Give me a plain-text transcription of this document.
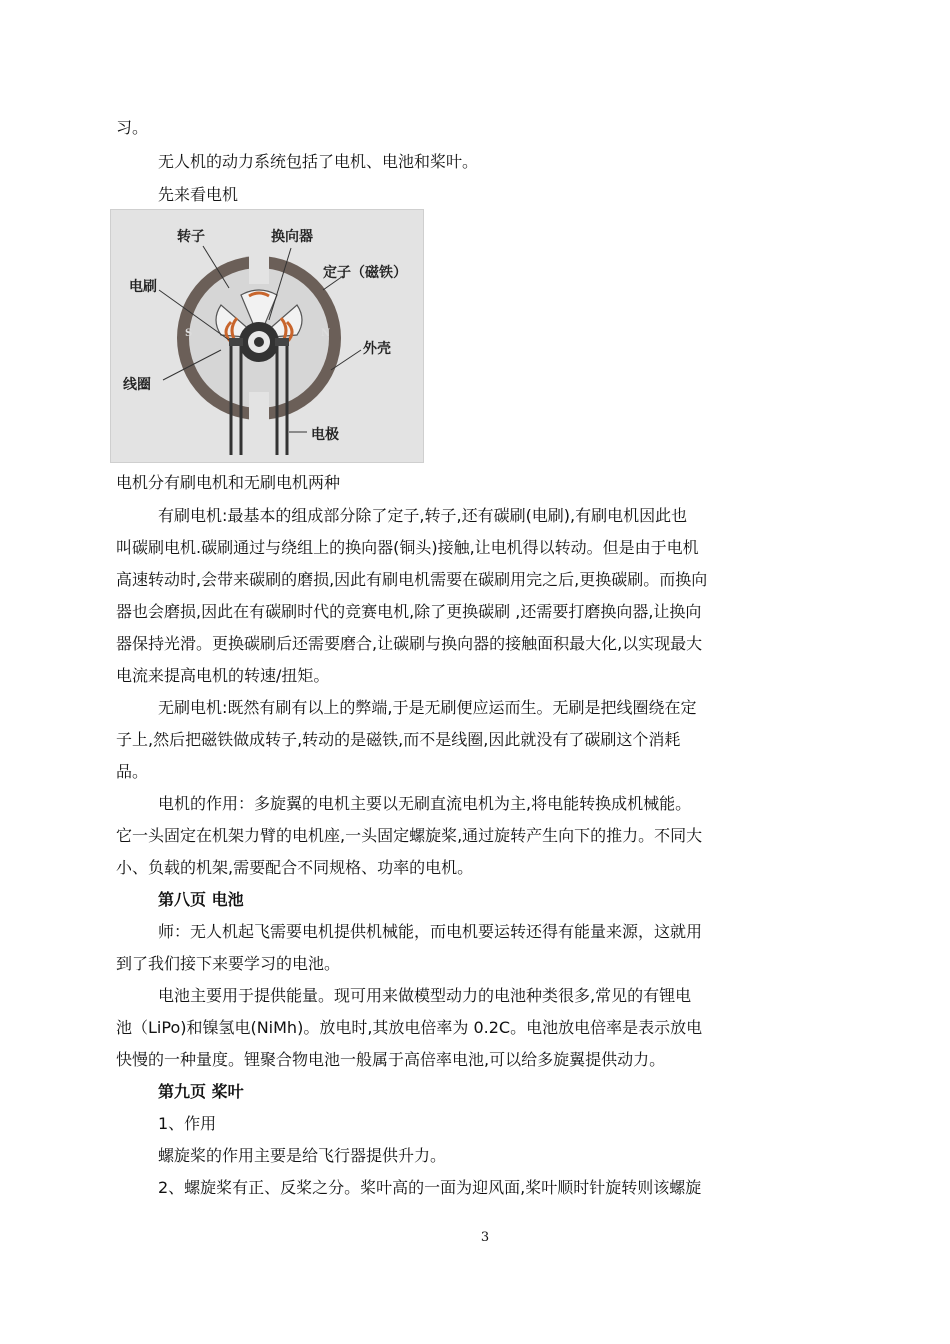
习。
无人机的动力系统包括了电机、电池和桨叶。
先来看电机
转子	换向器
定子（磁铁）
电刷
外壳
线圈
电极
S	N
电机分有刷电机和无刷电机两种
有刷电机:最基本的组成部分除了定子,转子,还有碳刷(电刷),有刷电机因此也
叫碳刷电机.碳刷通过与绕组上的换向器(铜头)接触,让电机得以转动。但是由于电机
高速转动时,会带来碳刷的磨损,因此有刷电机需要在碳刷用完之后,更换碳刷。而换向
器也会磨损,因此在有碳刷时代的竞赛电机,除了更换碳刷 ,还需要打磨换向器,让换向
器保持光滑。更换碳刷后还需要磨合,让碳刷与换向器的接触面积最大化,以实现最大
电流来提高电机的转速/扭矩。
无刷电机:既然有刷有以上的弊端,于是无刷便应运而生。无刷是把线圈绕在定
子上,然后把磁铁做成转子,转动的是磁铁,而不是线圈,因此就没有了碳刷这个消耗
品。
电机的作用：多旋翼的电机主要以无刷直流电机为主,将电能转换成机械能。
它一头固定在机架力臂的电机座,一头固定螺旋桨,通过旋转产生向下的推力。不同大
小、负载的机架,需要配合不同规格、功率的电机。
第八页 电池
师：无人机起飞需要电机提供机械能，而电机要运转还得有能量来源，这就用
到了我们接下来要学习的电池。
电池主要用于提供能量。现可用来做模型动力的电池种类很多,常见的有锂电
池（LiPo)和镍氢电(NiMh)。放电时,其放电倍率为 0.2C。电池放电倍率是表示放电
快慢的一种量度。锂聚合物电池一般属于高倍率电池,可以给多旋翼提供动力。
第九页 桨叶
1、作用
螺旋桨的作用主要是给飞行器提供升力。
2、螺旋桨有正、反桨之分。桨叶高的一面为迎风面,桨叶顺时针旋转则该螺旋
3
